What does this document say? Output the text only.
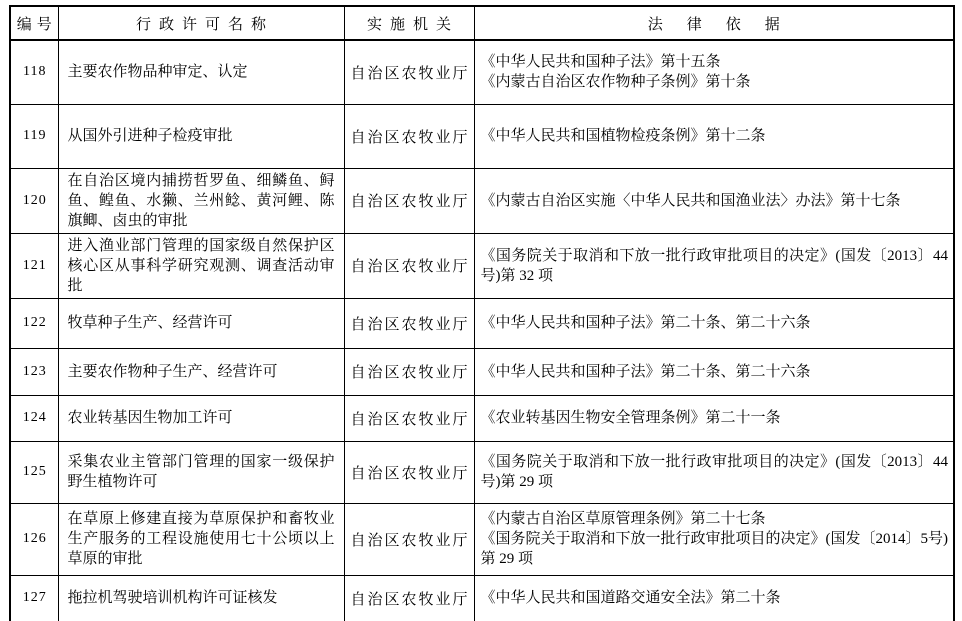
编号	行政许可名称	实施机关	法律依据
118	主要农作物品种审定、认定	自治区农牧业厅	《中华人民共和国种子法》第十五条
《内蒙古自治区农作物种子条例》第十条

119	从国外引进种子检疫审批	自治区农牧业厅	《中华人民共和国植物检疫条例》第十二条

120	在自治区境内捕捞哲罗鱼、细鳞鱼、鲟鱼、鳇鱼、水獭、兰州鲶、黄河鲤、陈旗鲫、卤虫的审批	自治区农牧业厅	《内蒙古自治区实施〈中华人民共和国渔业法〉办法》第十七条

121	进入渔业部门管理的国家级自然保护区核心区从事科学研究观测、调查活动审批	自治区农牧业厅	《国务院关于取消和下放一批行政审批项目的决定》(国发〔2013〕44号)第 32 项

122	牧草种子生产、经营许可	自治区农牧业厅	《中华人民共和国种子法》第二十条、第二十六条

123	主要农作物种子生产、经营许可	自治区农牧业厅	《中华人民共和国种子法》第二十条、第二十六条

124	农业转基因生物加工许可	自治区农牧业厅	《农业转基因生物安全管理条例》第二十一条

125	采集农业主管部门管理的国家一级保护野生植物许可	自治区农牧业厅	《国务院关于取消和下放一批行政审批项目的决定》(国发〔2013〕44号)第 29 项

126	在草原上修建直接为草原保护和畜牧业生产服务的工程设施使用七十公顷以上草原的审批	自治区农牧业厅	《内蒙古自治区草原管理条例》第二十七条
《国务院关于取消和下放一批行政审批项目的决定》(国发〔2014〕5号)第 29 项

127	拖拉机驾驶培训机构许可证核发	自治区农牧业厅	《中华人民共和国道路交通安全法》第二十条
